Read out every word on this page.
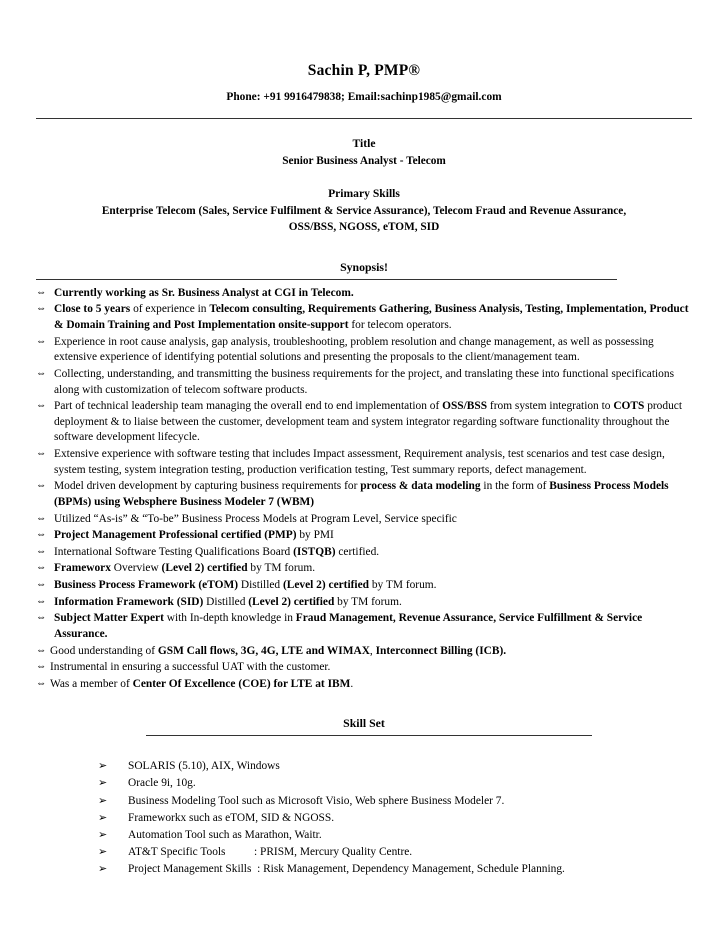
Sachin P, PMP®
Phone: +91 9916479838; Email:sachinp1985@gmail.com
Title
Senior Business Analyst - Telecom
Primary Skills
Enterprise Telecom (Sales, Service Fulfilment & Service Assurance), Telecom Fraud and Revenue Assurance,
OSS/BSS, NGOSS, eTOM, SID
Synopsis!
⇔ Currently working as Sr. Business Analyst at CGI in Telecom.
⇔ Close to 5 years of experience in Telecom consulting, Requirements Gathering, Business Analysis, Testing, Implementation, Product & Domain Training and Post Implementation onsite-support for telecom operators.
⇔ Experience in root cause analysis, gap analysis, troubleshooting, problem resolution and change management, as well as possessing extensive experience of identifying potential solutions and presenting the proposals to the client/management team.
⇔ Collecting, understanding, and transmitting the business requirements for the project, and translating these into functional specifications along with customization of telecom software products.
⇔ Part of technical leadership team managing the overall end to end implementation of OSS/BSS from system integration to COTS product deployment & to liaise between the customer, development team and system integrator regarding software functionality throughout the software development lifecycle.
⇔ Extensive experience with software testing that includes Impact assessment, Requirement analysis, test scenarios and test case design, system testing, system integration testing, production verification testing, Test summary reports, defect management.
⇔ Model driven development by capturing business requirements for process & data modeling in the form of Business Process Models (BPMs) using Websphere Business Modeler 7 (WBM)
⇔ Utilized “As-is” & “To-be” Business Process Models at Program Level, Service specific
⇔ Project Management Professional certified (PMP) by PMI
⇔ International Software Testing Qualifications Board (ISTQB) certified.
⇔ Frameworx Overview (Level 2) certified by TM forum.
⇔ Business Process Framework (eTOM) Distilled (Level 2) certified by TM forum.
⇔ Information Framework (SID) Distilled (Level 2) certified by TM forum.
⇔ Subject Matter Expert with In-depth knowledge in Fraud Management, Revenue Assurance, Service Fulfillment & Service Assurance.
⇔ Good understanding of GSM Call flows, 3G, 4G, LTE and WIMAX, Interconnect Billing (ICB).
⇔ Instrumental in ensuring a successful UAT with the customer.
⇔ Was a member of Center Of Excellence (COE) for LTE at IBM.
Skill Set
➢ SOLARIS (5.10), AIX, Windows
➢ Oracle 9i, 10g.
➢ Business Modeling Tool such as Microsoft Visio, Web sphere Business Modeler 7.
➢ Frameworkx such as eTOM, SID & NGOSS.
➢ Automation Tool such as Marathon, Waitr.
➢ AT&T Specific Tools          : PRISM, Mercury Quality Centre.
➢ Project Management Skills  : Risk Management, Dependency Management, Schedule Planning.
